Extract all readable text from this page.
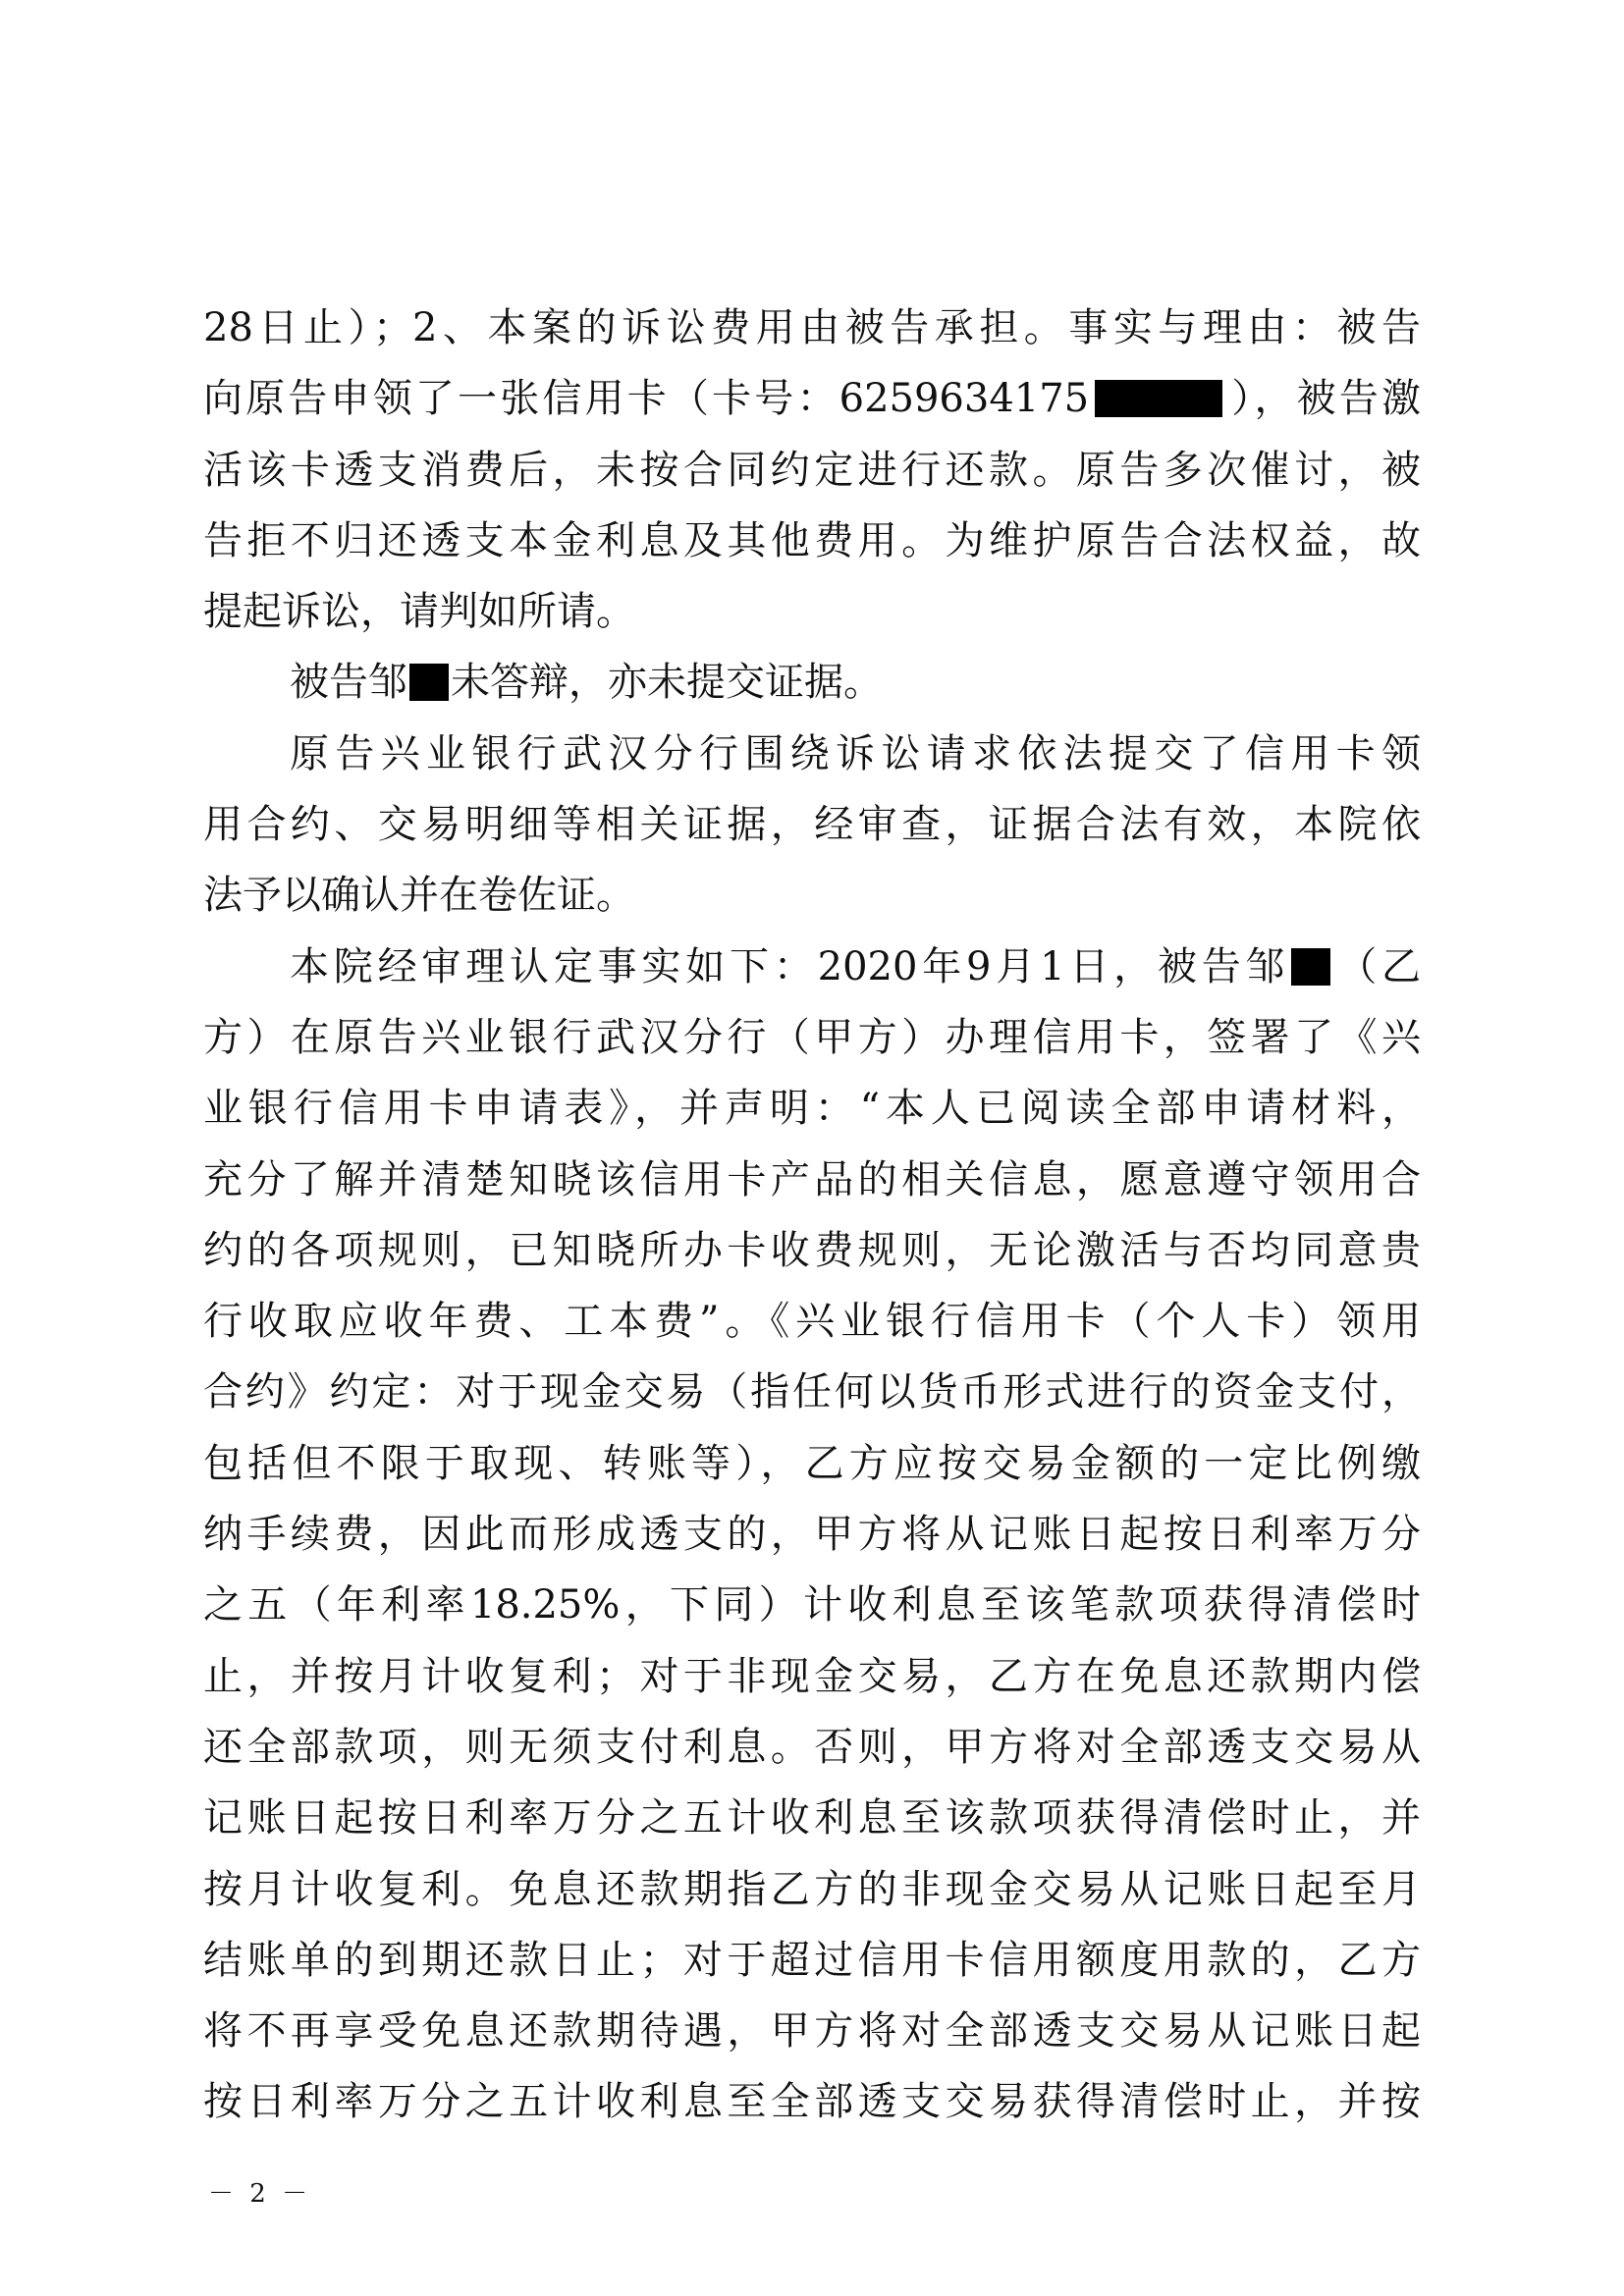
28日止）；2、本案的诉讼费用由被告承担。事实与理由：被告
向原告申领了一张信用卡（卡号：6259634175	），被告激
活该卡透支消费后，未按合同约定进行还款。原告多次催讨，被
告拒不归还透支本金利息及其他费用。为维护原告合法权益，故
提起诉讼，请判如所请。
被告邹 未答辩，亦未提交证据。
原告兴业银行武汉分行围绕诉讼请求依法提交了信用卡领
用合约、交易明细等相关证据，经审查，证据合法有效，本院依
法予以确认并在卷佐证。
本院经审理认定事实如下：2020年9月1日，被告邹 （乙
方）在原告兴业银行武汉分行（甲方）办理信用卡，签署了《兴
业银行信用卡申请表》，并声明：“本人已阅读全部申请材料，
充分了解并清楚知晓该信用卡产品的相关信息，愿意遵守领用合
约的各项规则，已知晓所办卡收费规则，无论激活与否均同意贵
行收取应收年费、工本费”。《兴业银行信用卡（个人卡）领用
合约》约定：对于现金交易（指任何以货币形式进行的资金支付，
包括但不限于取现、转账等），乙方应按交易金额的一定比例缴
纳手续费，因此而形成透支的，甲方将从记账日起按日利率万分
之五（年利率18.25%，下同）计收利息至该笔款项获得清偿时
止，并按月计收复利；对于非现金交易，乙方在免息还款期内偿
还全部款项，则无须支付利息。否则，甲方将对全部透支交易从
记账日起按日利率万分之五计收利息至该款项获得清偿时止，并
按月计收复利。免息还款期指乙方的非现金交易从记账日起至月
结账单的到期还款日止；对于超过信用卡信用额度用款的，乙方
将不再享受免息还款期待遇，甲方将对全部透支交易从记账日起
按日利率万分之五计收利息至全部透支交易获得清偿时止，并按
－ 2 －
